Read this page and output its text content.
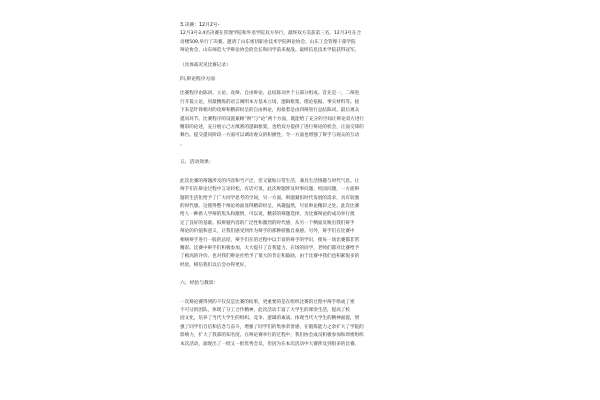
3.决赛：12月2号-
12月3号3.4名决赛在管理学院和外语学院双方举行，最终双方美获第三名。12月3号在合
语楼509,举行了决赛。邀请了山东密切职业技术学院辩论协会、山东工会管理干部学院
辩论协会、山东师范大学辩论协会的会长和同学前来观战。最终信息技术学院获得冠军。
（具体战况见比赛记录）
四,辩论程序方面
比赛程序由陈词、立论、攻辩、自由辩论、总结陈词共个五部分组成。首先是一，二辩进
行开篇立论，用最精炼的语言阐明本方基本立场、逻辑框架、理论依据、事实材料等。接
下来是针锋相对的攻辩和精彩纷呈的自由辩论，再接着是由四辩进行总结陈词。最后观众
提问环节。比赛程序的设置兼顾“辩”与“论”两个方面，既能给了充分的空间让辩论双方进行
精彩的论述，充分展示己方缜密的逻辑框架，也给双方提供了进行辩论的机会，正面交锋的
舞台。提交提问阶段一方面可以调动观众的积极性，令一方面也增强了辩手与观众的互动
。
五、活动效果：
此次比赛的辩题涉及的内容和当产泛，但又紧贴日常生活，兼具生活情趣与时代气息。让
辩手们在辩论过程中言论轻松、有话可说。此次辩题涉及时事问题、校园问题，一方面辩
题的生活化给予了广大同学思考的空间，另一方面，辩题紧扣时代发展的需求，具有较强
的时代感。这使得整个辩论场面显得精彩纷呈，风趣盎然，尽显辩论精彩之处。此次比赛
给人一种新人学辩的焦头和激情，可以说，精彩的辩题选择，为比赛辩论的成功举行奠
定了良好的基础。拟辩题内容的广泛性和激烈的时代感，从另一个侧面反映出我们辩手
辩论的价值和意义，让我们感受到作为辩手的那种骄傲自豪感。另外，辩手们在比赛中
相统辩手进行一般的总结，辩手们在的过程中以丰富的辩手的学识，使每一场比赛都非常
精彩。比赛中辩手们积极参加，大大提升了自我能力，在场的同学，老师们都对比赛给予
了极高的评价。也对我们辩论社给予了很大的肯定和鼓励，由于比赛中我们也积累很多的
经验，相信我们以后会办得更好。
六、经验与教训：
一次辩论赛得到的不仅仅是比赛的结果，更重要的是在组织比赛的过程中辩手组成了密
不可分的团队，体现了分工合作精神，此次活动丰富了大学生的课余生活，提高了校
园文化，培养了当代大学生的组织、竞争、逻辑的素质。体现当代大学生的精神面貌，增
强了同学们自信和信念与奋斗，增强了同学们的集体荣誉感，在锻炼能力之余扩大了学院的
影响力，扩大了我部的知名度。在辩论赛举行的过程中，我们协会成员积极参加和周密组织
本次活动，涌现出了一批又一批优秀会员，但因为在本次活动中大赛涉及到很多的比赛。
